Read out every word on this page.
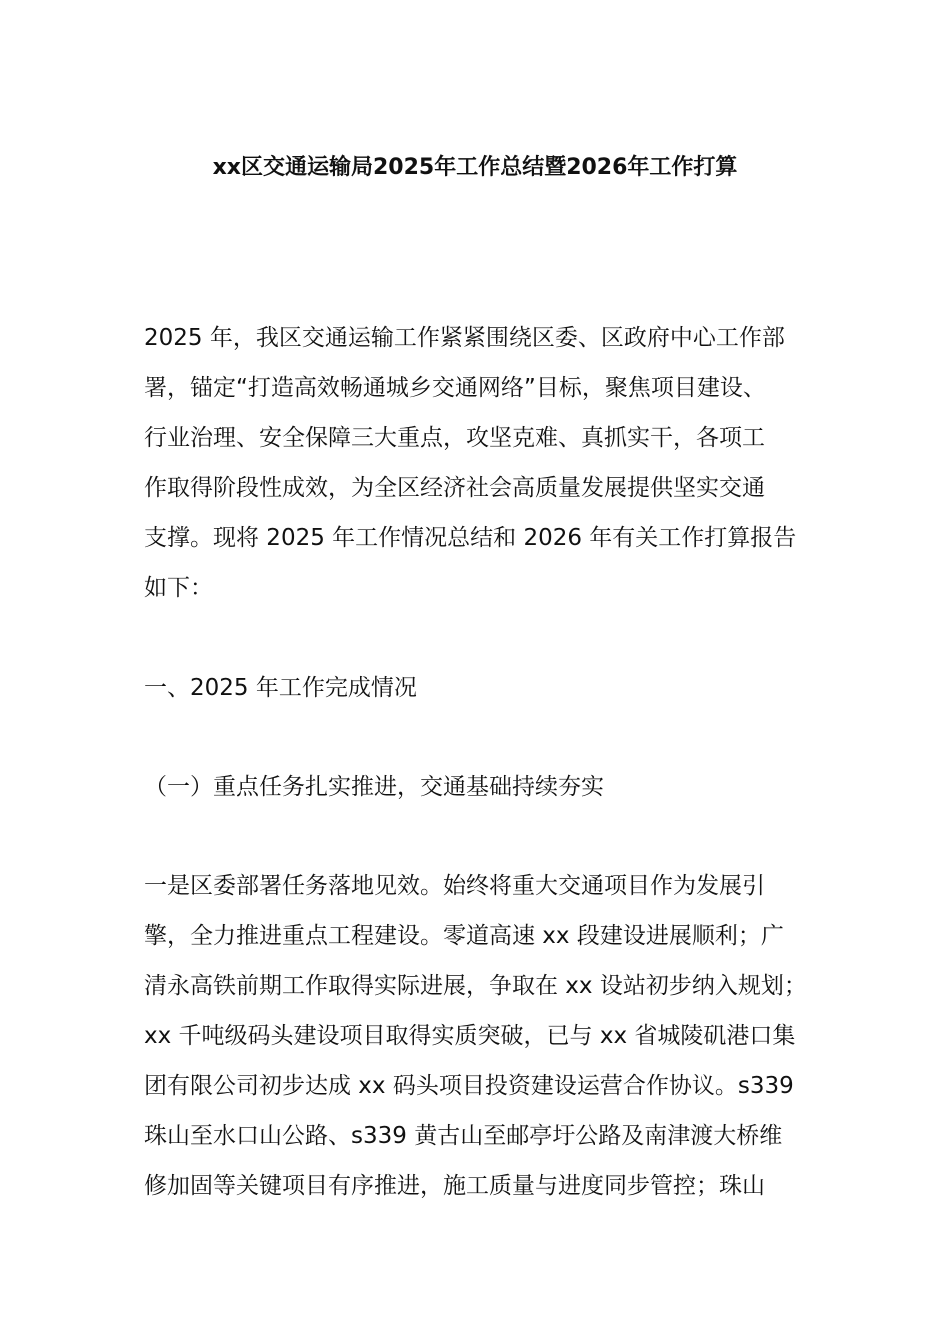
xx区交通运输局2025年工作总结暨2026年工作打算
2025 年，我区交通运输工作紧紧围绕区委、区政府中心工作部
署，锚定“打造高效畅通城乡交通网络”目标，聚焦项目建设、
行业治理、安全保障三大重点，攻坚克难、真抓实干，各项工
作取得阶段性成效，为全区经济社会高质量发展提供坚实交通
支撑。现将 2025 年工作情况总结和 2026 年有关工作打算报告
如下：
一、2025 年工作完成情况
（一）重点任务扎实推进，交通基础持续夯实
一是区委部署任务落地见效。始终将重大交通项目作为发展引
擎，全力推进重点工程建设。零道高速 xx 段建设进展顺利；广
清永高铁前期工作取得实际进展，争取在 xx 设站初步纳入规划；
xx 千吨级码头建设项目取得实质突破，已与 xx 省城陵矶港口集
团有限公司初步达成 xx 码头项目投资建设运营合作协议。s339
珠山至水口山公路、s339 黄古山至邮亭圩公路及南津渡大桥维
修加固等关键项目有序推进，施工质量与进度同步管控；珠山
